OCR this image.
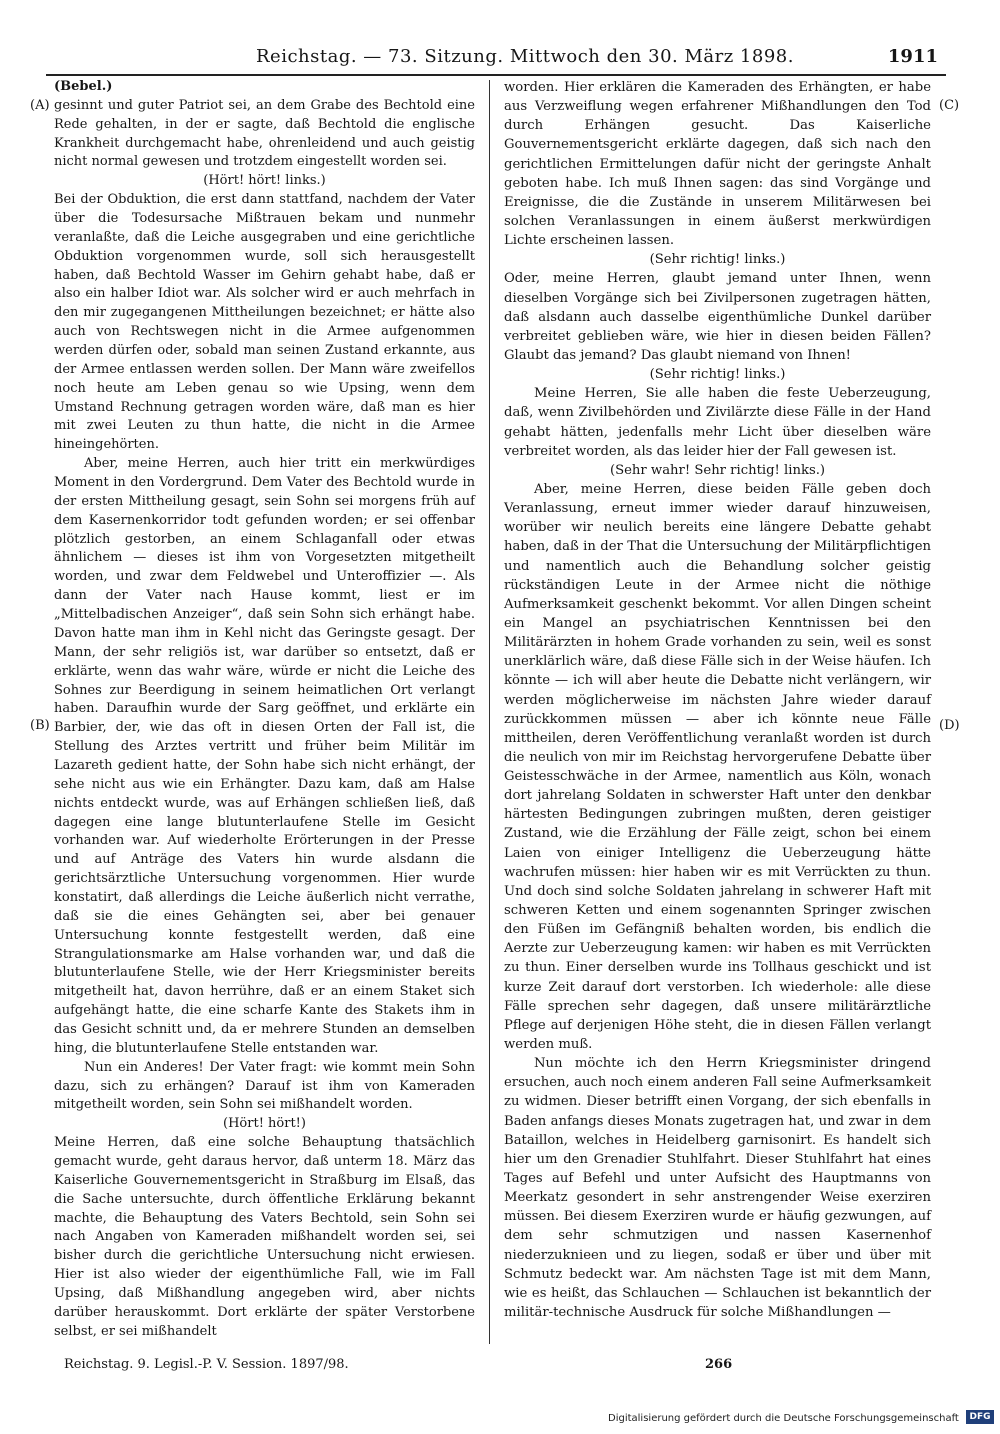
Reichstag. — 73. Sitzung. Mittwoch den 30. März 1898.	1911
(A)
(B)
(C)
(D)

(Bebel.)

gesinnt und guter Patriot sei, an dem Grabe des Bechtold eine Rede gehalten, in der er sagte, daß Bechtold die englische Krankheit durchgemacht habe, ohrenleidend und auch geistig nicht normal gewesen und trotzdem eingestellt worden sei.

(Hört! hört! links.)

Bei der Obduktion, die erst dann stattfand, nachdem der Vater über die Todesursache Mißtrauen bekam und nunmehr veranlaßte, daß die Leiche ausgegraben und eine gerichtliche Obduktion vorgenommen wurde, soll sich herausgestellt haben, daß Bechtold Wasser im Gehirn gehabt habe, daß er also ein halber Idiot war. Als solcher wird er auch mehrfach in den mir zugegangenen Mittheilungen bezeichnet; er hätte also auch von Rechtswegen nicht in die Armee aufgenommen werden dürfen oder, sobald man seinen Zustand erkannte, aus der Armee entlassen werden sollen. Der Mann wäre zweifellos noch heute am Leben genau so wie Upsing, wenn dem Umstand Rechnung getragen worden wäre, daß man es hier mit zwei Leuten zu thun hatte, die nicht in die Armee hineingehörten.

Aber, meine Herren, auch hier tritt ein merkwürdiges Moment in den Vordergrund. Dem Vater des Bechtold wurde in der ersten Mittheilung gesagt, sein Sohn sei morgens früh auf dem Kasernenkorridor todt gefunden worden; er sei offenbar plötzlich gestorben, an einem Schlaganfall oder etwas ähnlichem — dieses ist ihm von Vorgesetzten mitgetheilt worden, und zwar dem Feldwebel und Unteroffizier —. Als dann der Vater nach Hause kommt, liest er im „Mittelbadischen Anzeiger“, daß sein Sohn sich erhängt habe. Davon hatte man ihm in Kehl nicht das Geringste gesagt. Der Mann, der sehr religiös ist, war darüber so entsetzt, daß er erklärte, wenn das wahr wäre, würde er nicht die Leiche des Sohnes zur Beerdigung in seinem heimatlichen Ort verlangt haben. Daraufhin wurde der Sarg geöffnet, und erklärte ein Barbier, der, wie das oft in diesen Orten der Fall ist, die Stellung des Arztes vertritt und früher beim Militär im Lazareth gedient hatte, der Sohn habe sich nicht erhängt, der sehe nicht aus wie ein Erhängter. Dazu kam, daß am Halse nichts entdeckt wurde, was auf Erhängen schließen ließ, daß dagegen eine lange blutunterlaufene Stelle im Gesicht vorhanden war. Auf wiederholte Erörterungen in der Presse und auf Anträge des Vaters hin wurde alsdann die gerichtsärztliche Untersuchung vorgenommen. Hier wurde konstatirt, daß allerdings die Leiche äußerlich nicht verrathe, daß sie die eines Gehängten sei, aber bei genauer Untersuchung konnte festgestellt werden, daß eine Strangulationsmarke am Halse vorhanden war, und daß die blutunterlaufene Stelle, wie der Herr Kriegsminister bereits mitgetheilt hat, davon herrühre, daß er an einem Staket sich aufgehängt hatte, die eine scharfe Kante des Stakets ihm in das Gesicht schnitt und, da er mehrere Stunden an demselben hing, die blutunterlaufene Stelle entstanden war.

Nun ein Anderes! Der Vater fragt: wie kommt mein Sohn dazu, sich zu erhängen? Darauf ist ihm von Kameraden mitgetheilt worden, sein Sohn sei mißhandelt worden.

(Hört! hört!)

Meine Herren, daß eine solche Behauptung thatsächlich gemacht wurde, geht daraus hervor, daß unterm 18. März das Kaiserliche Gouvernementsgericht in Straßburg im Elsaß, das die Sache untersuchte, durch öffentliche Erklärung bekannt machte, die Behauptung des Vaters Bechtold, sein Sohn sei nach Angaben von Kameraden mißhandelt worden sei, sei bisher durch die gerichtliche Untersuchung nicht erwiesen. Hier ist also wieder der eigenthümliche Fall, wie im Fall Upsing, daß Mißhandlung angegeben wird, aber nichts darüber herauskommt. Dort erklärte der später Verstorbene selbst, er sei mißhandelt

worden. Hier erklären die Kameraden des Erhängten, er habe aus Verzweiflung wegen erfahrener Mißhandlungen den Tod durch Erhängen gesucht. Das Kaiserliche Gouvernementsgericht erklärte dagegen, daß sich nach den gerichtlichen Ermittelungen dafür nicht der geringste Anhalt geboten habe. Ich muß Ihnen sagen: das sind Vorgänge und Ereignisse, die die Zustände in unserem Militärwesen bei solchen Veranlassungen in einem äußerst merkwürdigen Lichte erscheinen lassen.

(Sehr richtig! links.)

Oder, meine Herren, glaubt jemand unter Ihnen, wenn dieselben Vorgänge sich bei Zivilpersonen zugetragen hätten, daß alsdann auch dasselbe eigenthümliche Dunkel darüber verbreitet geblieben wäre, wie hier in diesen beiden Fällen? Glaubt das jemand? Das glaubt niemand von Ihnen!

(Sehr richtig! links.)

Meine Herren, Sie alle haben die feste Ueberzeugung, daß, wenn Zivilbehörden und Zivilärzte diese Fälle in der Hand gehabt hätten, jedenfalls mehr Licht über dieselben wäre verbreitet worden, als das leider hier der Fall gewesen ist.

(Sehr wahr! Sehr richtig! links.)

Aber, meine Herren, diese beiden Fälle geben doch Veranlassung, erneut immer wieder darauf hinzuweisen, worüber wir neulich bereits eine längere Debatte gehabt haben, daß in der That die Untersuchung der Militärpflichtigen und namentlich auch die Behandlung solcher geistig rückständigen Leute in der Armee nicht die nöthige Aufmerksamkeit geschenkt bekommt. Vor allen Dingen scheint ein Mangel an psychiatrischen Kenntnissen bei den Militärärzten in hohem Grade vorhanden zu sein, weil es sonst unerklärlich wäre, daß diese Fälle sich in der Weise häufen. Ich könnte — ich will aber heute die Debatte nicht verlängern, wir werden möglicherweise im nächsten Jahre wieder darauf zurückkommen müssen — aber ich könnte neue Fälle mittheilen, deren Veröffentlichung veranlaßt worden ist durch die neulich von mir im Reichstag hervorgerufene Debatte über Geistesschwäche in der Armee, namentlich aus Köln, wonach dort jahrelang Soldaten in schwerster Haft unter den denkbar härtesten Bedingungen zubringen mußten, deren geistiger Zustand, wie die Erzählung der Fälle zeigt, schon bei einem Laien von einiger Intelligenz die Ueberzeugung hätte wachrufen müssen: hier haben wir es mit Verrückten zu thun. Und doch sind solche Soldaten jahrelang in schwerer Haft mit schweren Ketten und einem sogenannten Springer zwischen den Füßen im Gefängniß behalten worden, bis endlich die Aerzte zur Ueberzeugung kamen: wir haben es mit Verrückten zu thun. Einer derselben wurde ins Tollhaus geschickt und ist kurze Zeit darauf dort verstorben. Ich wiederhole: alle diese Fälle sprechen sehr dagegen, daß unsere militärärztliche Pflege auf derjenigen Höhe steht, die in diesen Fällen verlangt werden muß.

Nun möchte ich den Herrn Kriegsminister dringend ersuchen, auch noch einem anderen Fall seine Aufmerksamkeit zu widmen. Dieser betrifft einen Vorgang, der sich ebenfalls in Baden anfangs dieses Monats zugetragen hat, und zwar in dem Bataillon, welches in Heidelberg garnisonirt. Es handelt sich hier um den Grenadier Stuhlfahrt. Dieser Stuhlfahrt hat eines Tages auf Befehl und unter Aufsicht des Hauptmanns von Meerkatz gesondert in sehr anstrengender Weise exerziren müssen. Bei diesem Exerziren wurde er häufig gezwungen, auf dem sehr schmutzigen und nassen Kasernenhof niederzuknieen und zu liegen, sodaß er über und über mit Schmutz bedeckt war. Am nächsten Tage ist mit dem Mann, wie es heißt, das Schlauchen — Schlauchen ist bekanntlich der militär-technische Ausdruck für solche Mißhandlungen —

Reichstag. 9. Legisl.-P. V. Session. 1897/98.	266
Digitalisierung gefördert durch die Deutsche Forschungsgemeinschaft	DFG
